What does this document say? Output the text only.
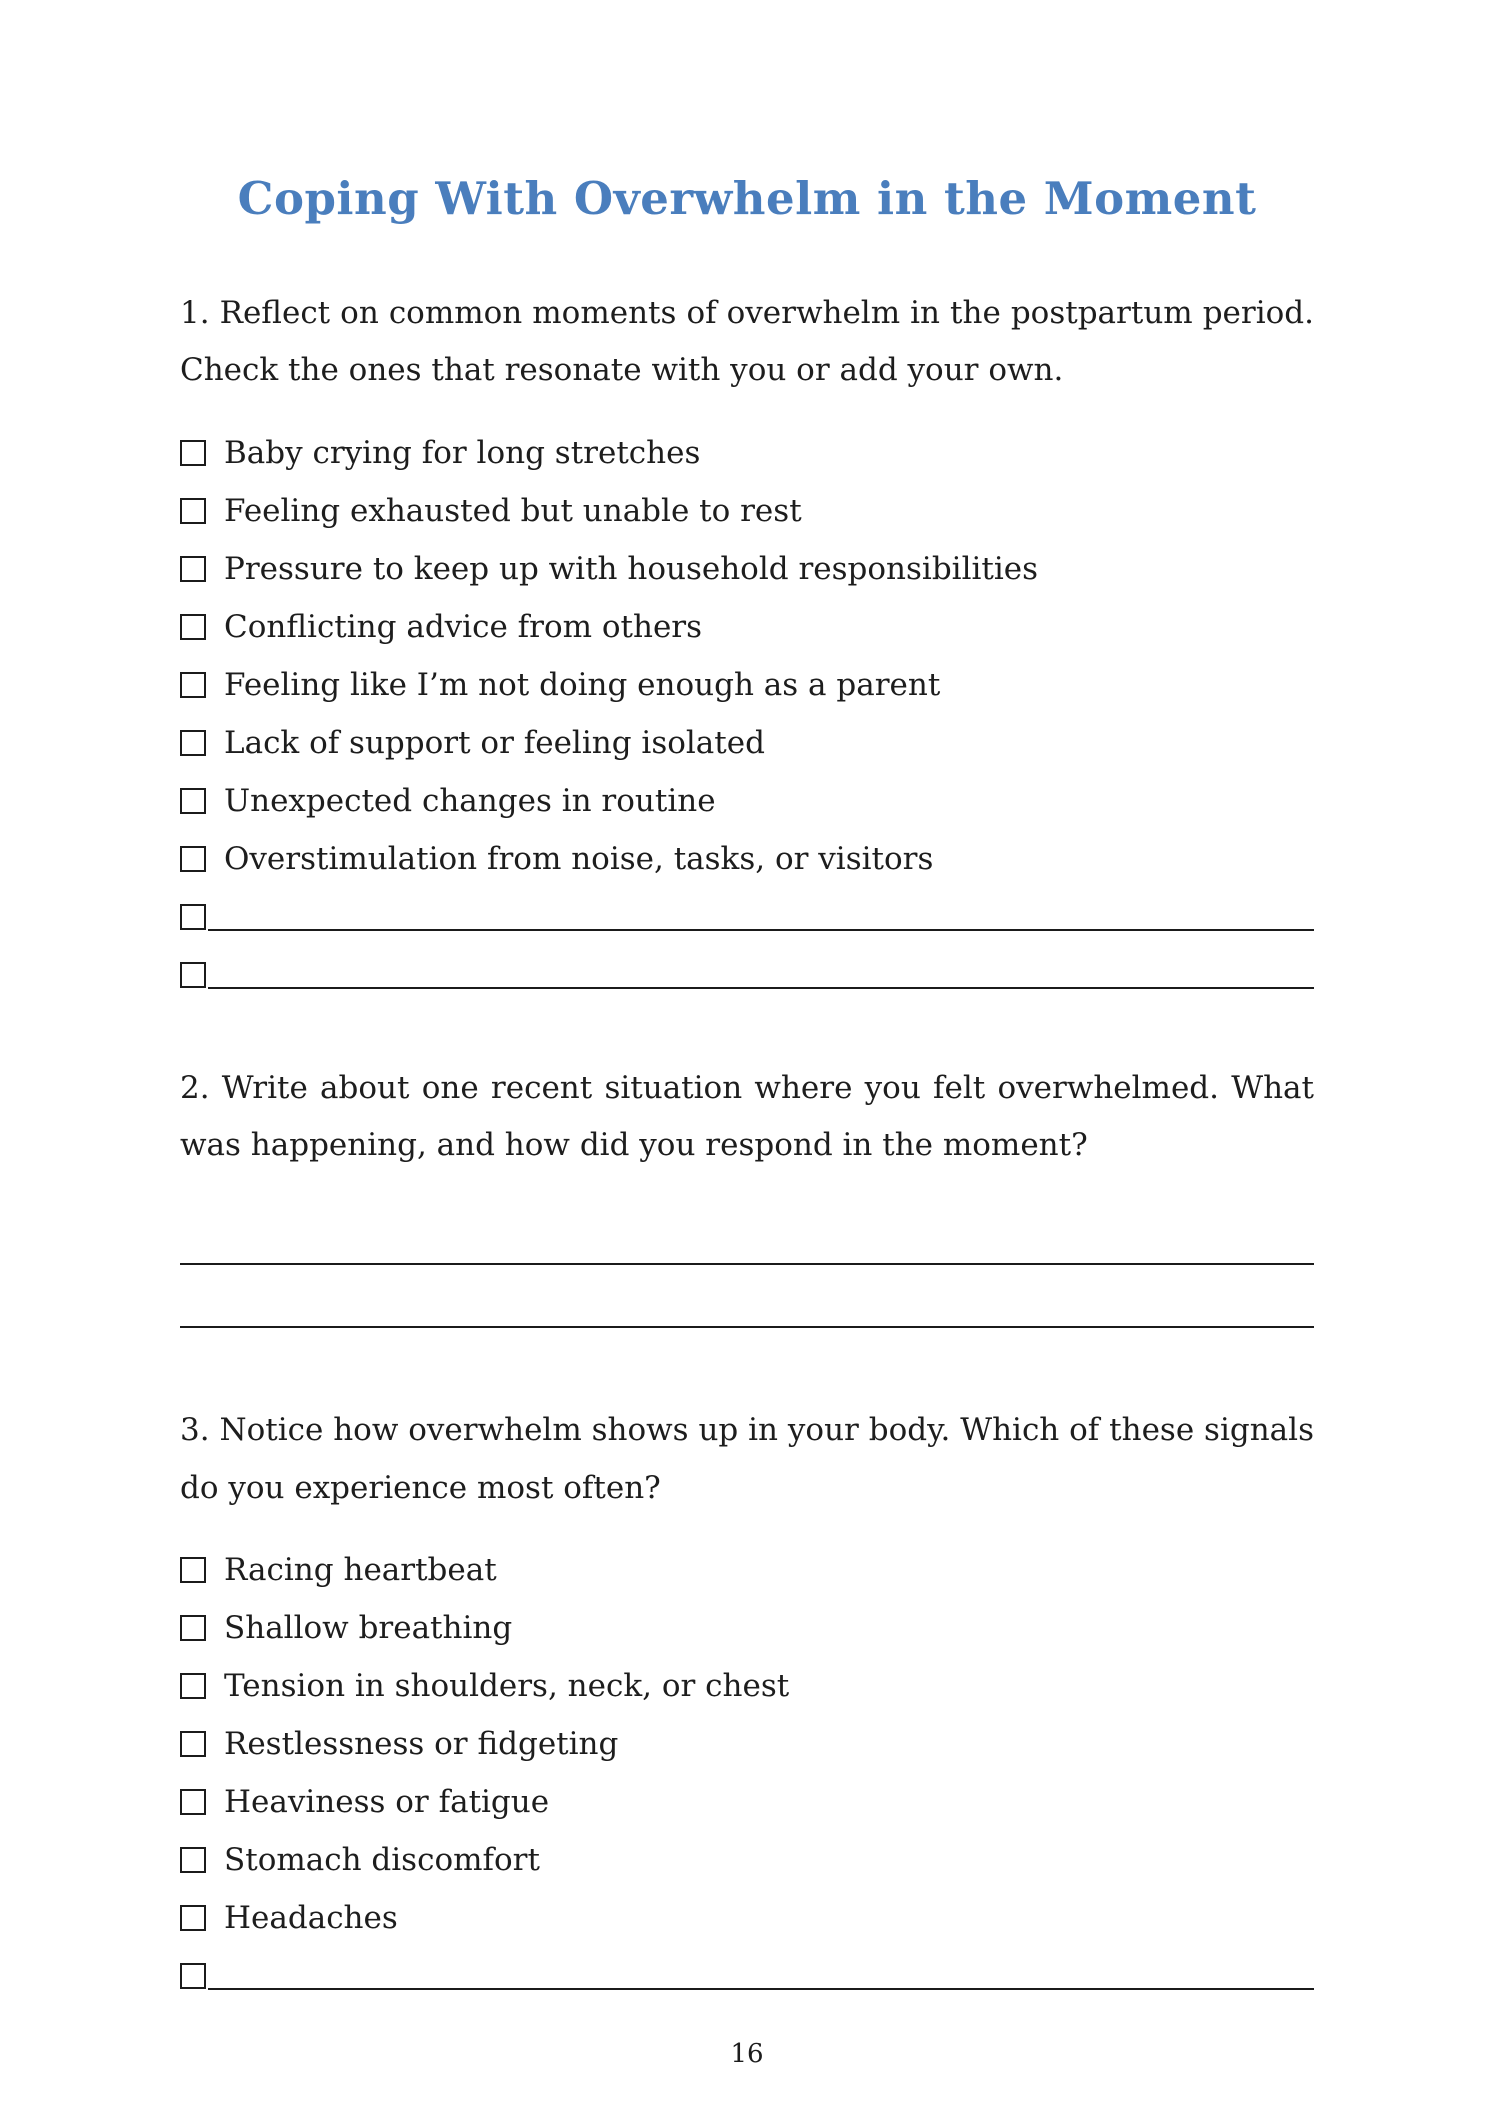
Coping With Overwhelm in the Moment

1. Reflect on common moments of overwhelm in the postpartum period. Check the ones that resonate with you or add your own.

Baby crying for long stretches
Feeling exhausted but unable to rest
Pressure to keep up with household responsibilities
Conflicting advice from others
Feeling like I’m not doing enough as a parent
Lack of support or feeling isolated
Unexpected changes in routine
Overstimulation from noise, tasks, or visitors

2. Write about one recent situation where you felt overwhelmed. What was happening, and how did you respond in the moment?

3. Notice how overwhelm shows up in your body. Which of these signals do you experience most often?

Racing heartbeat
Shallow breathing
Tension in shoulders, neck, or chest
Restlessness or fidgeting
Heaviness or fatigue
Stomach discomfort
Headaches
16
